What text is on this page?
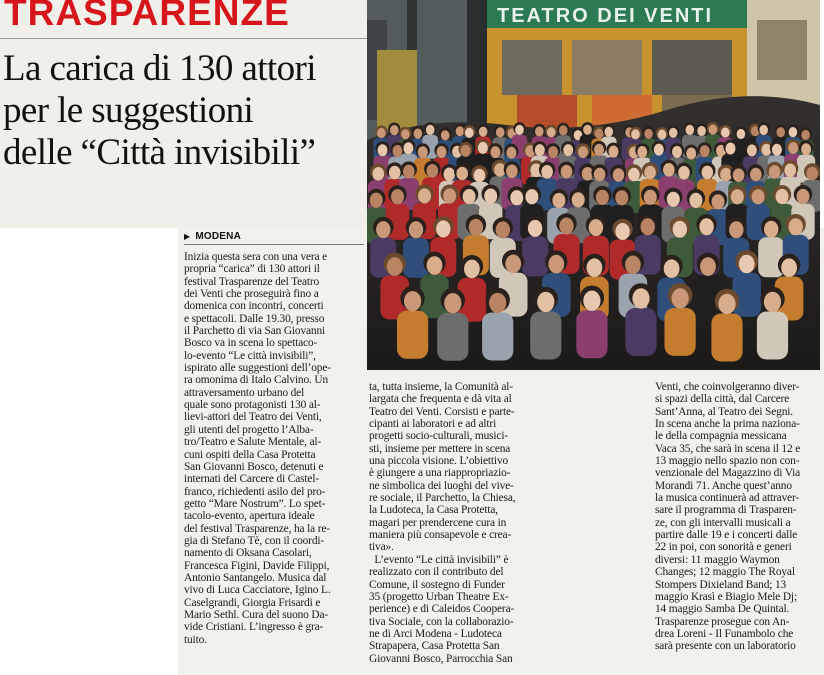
TRASPARENZE
La carica di 130 attori
per le suggestioni
delle “Città invisibili”
TEATRO DEI VENTI
▶ MODENA
Inizia questa sera con una vera e
propria “carica” di 130 attori il
festival Trasparenze del Teatro
dei Venti che proseguirà fino a
domenica con incontri, concerti
e spettacoli. Dalle 19.30, presso
il Parchetto di via San Giovanni
Bosco va in scena lo spettaco-
lo-evento “Le città invisibili”,
ispirato alle suggestioni dell’ope-
ra omonima di Italo Calvino. Un
attraversamento urbano del
quale sono protagonisti 130 al-
lievi-attori del Teatro dei Venti,
gli utenti del progetto l’Alba-
tro/Teatro e Salute Mentale, al-
cuni ospiti della Casa Protetta
San Giovanni Bosco, detenuti e
internati del Carcere di Castel-
franco, richiedenti asilo del pro-
getto “Mare Nostrum”. Lo spet-
tacolo-evento, apertura ideale
del festival Trasparenze, ha la re-
gia di Stefano Tè, con il coordi-
namento di Oksana Casolari,
Francesca Figini, Davide Filippi,
Antonio Santangelo. Musica dal
vivo di Luca Cacciatore, Igino L.
Caselgrandi, Giorgia Frisardi e
Mario Sethl. Cura del suono Da-
vide Cristiani. L’ingresso è gra-
tuito.
ta, tutta insieme, la Comunità al-
largata che frequenta e dà vita al
Teatro dei Venti. Corsisti e parte-
cipanti ai laboratori e ad altri
progetti socio-culturali, musici-
sti, insieme per mettere in scena
una piccola visione. L’obiettivo
è giungere a una riappropriazio-
ne simbolica dei luoghi del vive-
re sociale, il Parchetto, la Chiesa,
la Ludoteca, la Casa Protetta,
magari per prendercene cura in
maniera più consapevole e crea-
tiva».
L’evento “Le città invisibili” è
realizzato con il contributo del
Comune, il sostegno di Funder
35 (progetto Urban Theatre Ex-
perience) e di Caleidos Coopera-
tiva Sociale, con la collaborazio-
ne di Arci Modena - Ludoteca
Strapapera, Casa Protetta San
Giovanni Bosco, Parrocchia San
Venti, che coinvolgeranno diver-
si spazi della città, dal Carcere
Sant’Anna, al Teatro dei Segni.
In scena anche la prima naziona-
le della compagnia messicana
Vaca 35, che sarà in scena il 12 e
13 maggio nello spazio non con-
venzionale del Magazzino di Via
Morandi 71. Anche quest’anno
la musica continuerà ad attraver-
sare il programma di Trasparen-
ze, con gli intervalli musicali a
partire dalle 19 e i concerti dalle
22 in poi, con sonorità e generi
diversi: 11 maggio Waymon
Changes; 12 maggio The Royal
Stompers Dixieland Band; 13
maggio Krasì e Biagio Mele Dj;
14 maggio Samba De Quintal.
Trasparenze prosegue con An-
drea Loreni - Il Funambolo che
sarà presente con un laboratorio
